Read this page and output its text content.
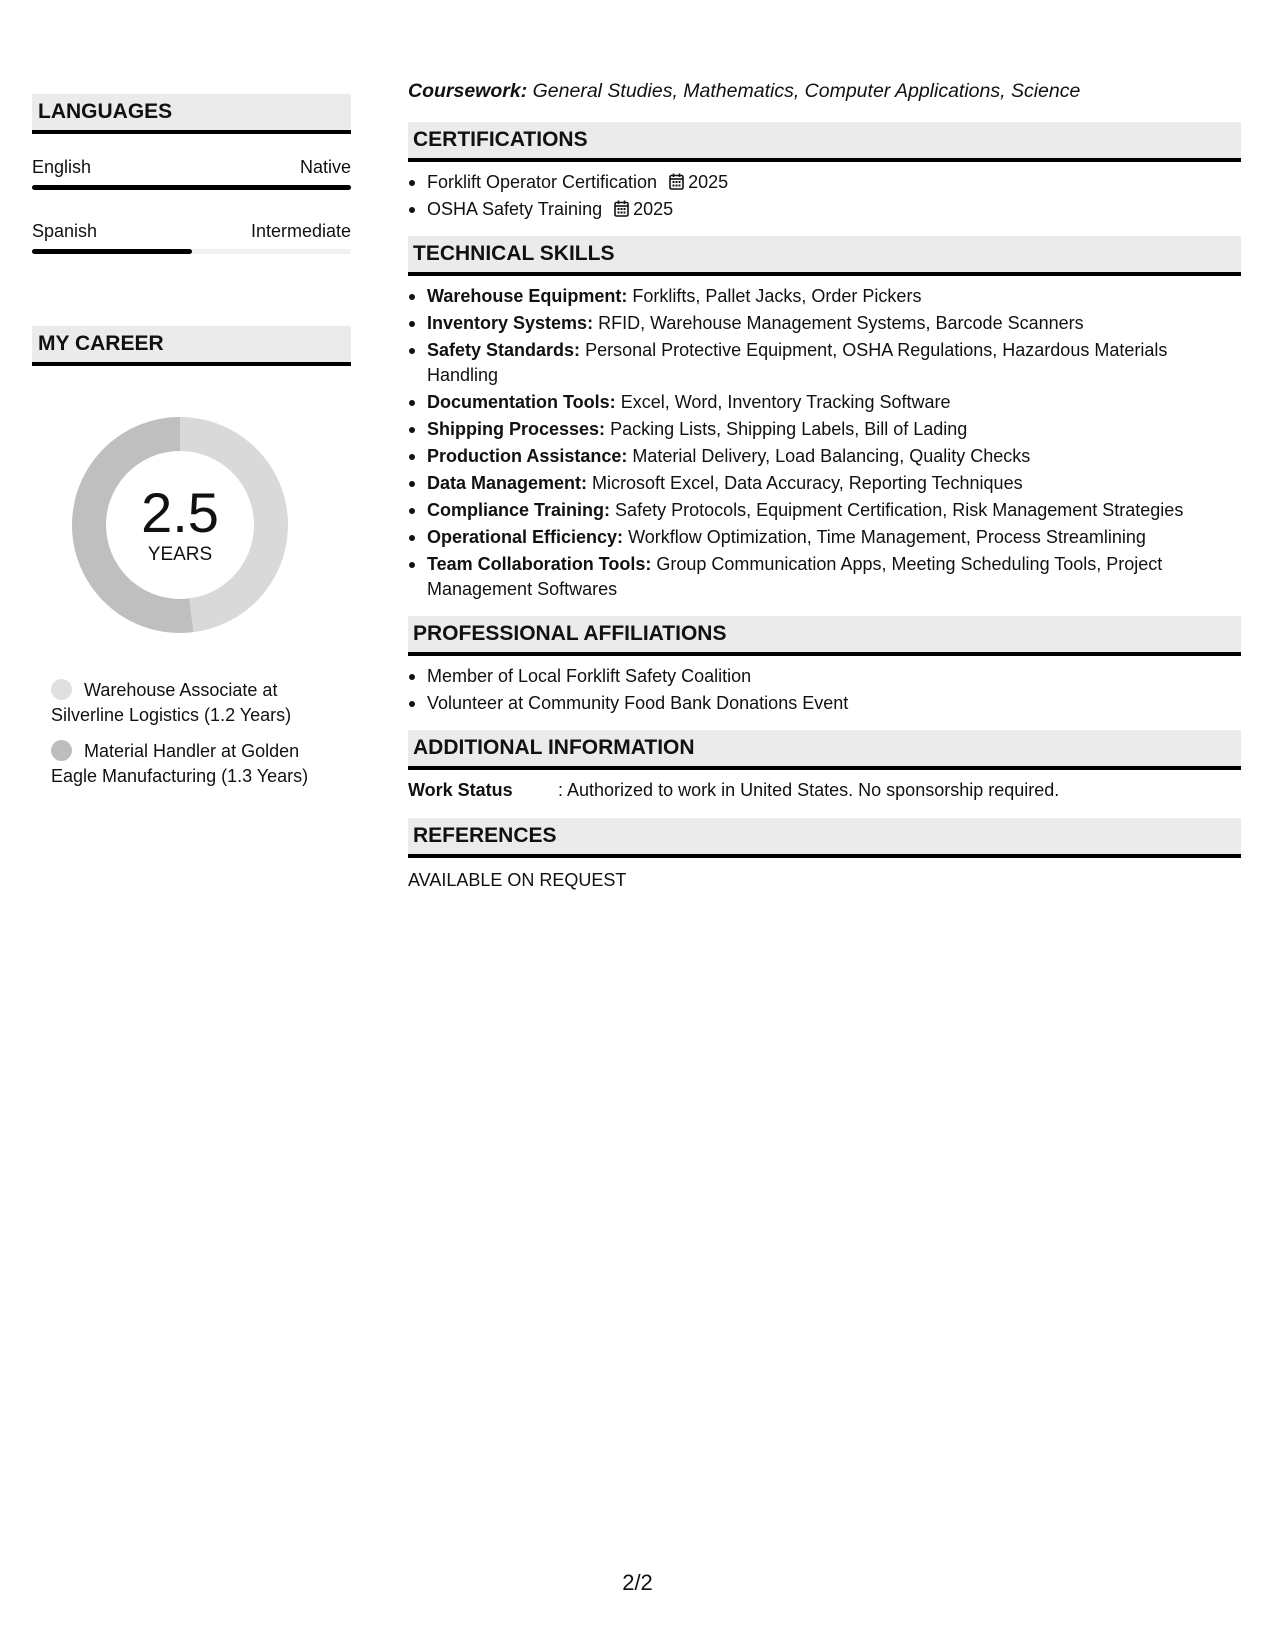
LANGUAGES
English	Native
Spanish	Intermediate
MY CAREER
2.5
YEARS
Warehouse Associate at Silverline Logistics (1.2 Years)
Material Handler at Golden Eagle Manufacturing (1.3 Years)
Coursework: General Studies, Mathematics, Computer Applications, Science
CERTIFICATIONS
Forklift Operator Certification 2025
OSHA Safety Training 2025
TECHNICAL SKILLS
Warehouse Equipment: Forklifts, Pallet Jacks, Order Pickers
Inventory Systems: RFID, Warehouse Management Systems, Barcode Scanners
Safety Standards: Personal Protective Equipment, OSHA Regulations, Hazardous Materials Handling
Documentation Tools: Excel, Word, Inventory Tracking Software
Shipping Processes: Packing Lists, Shipping Labels, Bill of Lading
Production Assistance: Material Delivery, Load Balancing, Quality Checks
Data Management: Microsoft Excel, Data Accuracy, Reporting Techniques
Compliance Training: Safety Protocols, Equipment Certification, Risk Management Strategies
Operational Efficiency: Workflow Optimization, Time Management, Process Streamlining
Team Collaboration Tools: Group Communication Apps, Meeting Scheduling Tools, Project Management Softwares
PROFESSIONAL AFFILIATIONS
Member of Local Forklift Safety Coalition
Volunteer at Community Food Bank Donations Event
ADDITIONAL INFORMATION
Work Status	: Authorized to work in United States. No sponsorship required.
REFERENCES
AVAILABLE ON REQUEST
2/2
